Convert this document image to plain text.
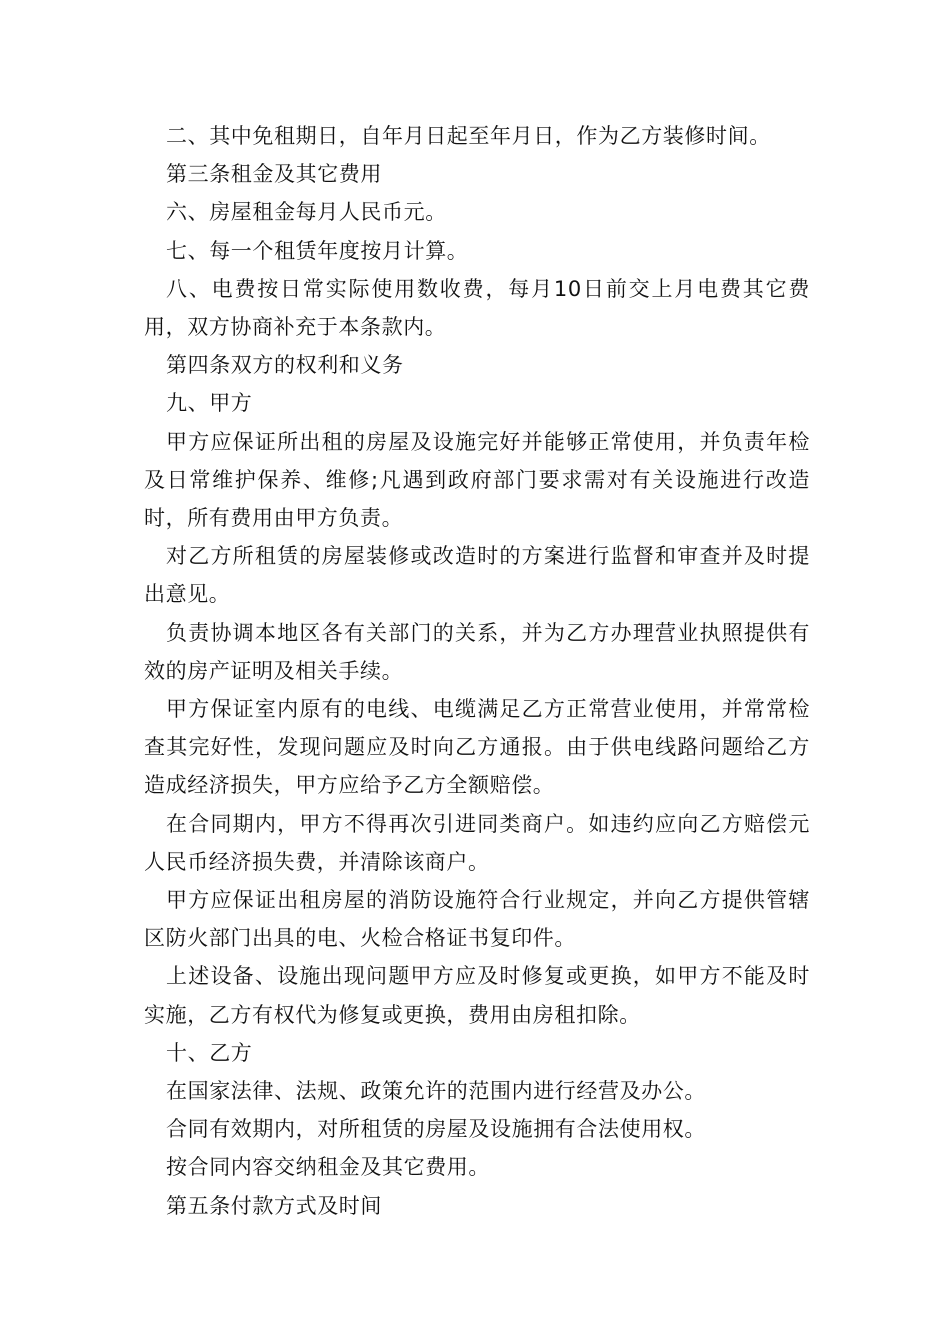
二、其中免租期日，自年月日起至年月日，作为乙方装修时间。

第三条租金及其它费用

六、房屋租金每月人民币元。

七、每一个租赁年度按月计算。

八、电费按日常实际使用数收费，每月10日前交上月电费其它费用，双方协商补充于本条款内。

第四条双方的权利和义务

九、甲方

甲方应保证所出租的房屋及设施完好并能够正常使用，并负责年检及日常维护保养、维修;凡遇到政府部门要求需对有关设施进行改造时，所有费用由甲方负责。

对乙方所租赁的房屋装修或改造时的方案进行监督和审查并及时提出意见。

负责协调本地区各有关部门的关系，并为乙方办理营业执照提供有效的房产证明及相关手续。

甲方保证室内原有的电线、电缆满足乙方正常营业使用，并常常检查其完好性，发现问题应及时向乙方通报。由于供电线路问题给乙方造成经济损失，甲方应给予乙方全额赔偿。

在合同期内，甲方不得再次引进同类商户。如违约应向乙方赔偿元人民币经济损失费，并清除该商户。

甲方应保证出租房屋的消防设施符合行业规定，并向乙方提供管辖区防火部门出具的电、火检合格证书复印件。

上述设备、设施出现问题甲方应及时修复或更换，如甲方不能及时实施，乙方有权代为修复或更换，费用由房租扣除。

十、乙方

在国家法律、法规、政策允许的范围内进行经营及办公。

合同有效期内，对所租赁的房屋及设施拥有合法使用权。

按合同内容交纳租金及其它费用。

第五条付款方式及时间
